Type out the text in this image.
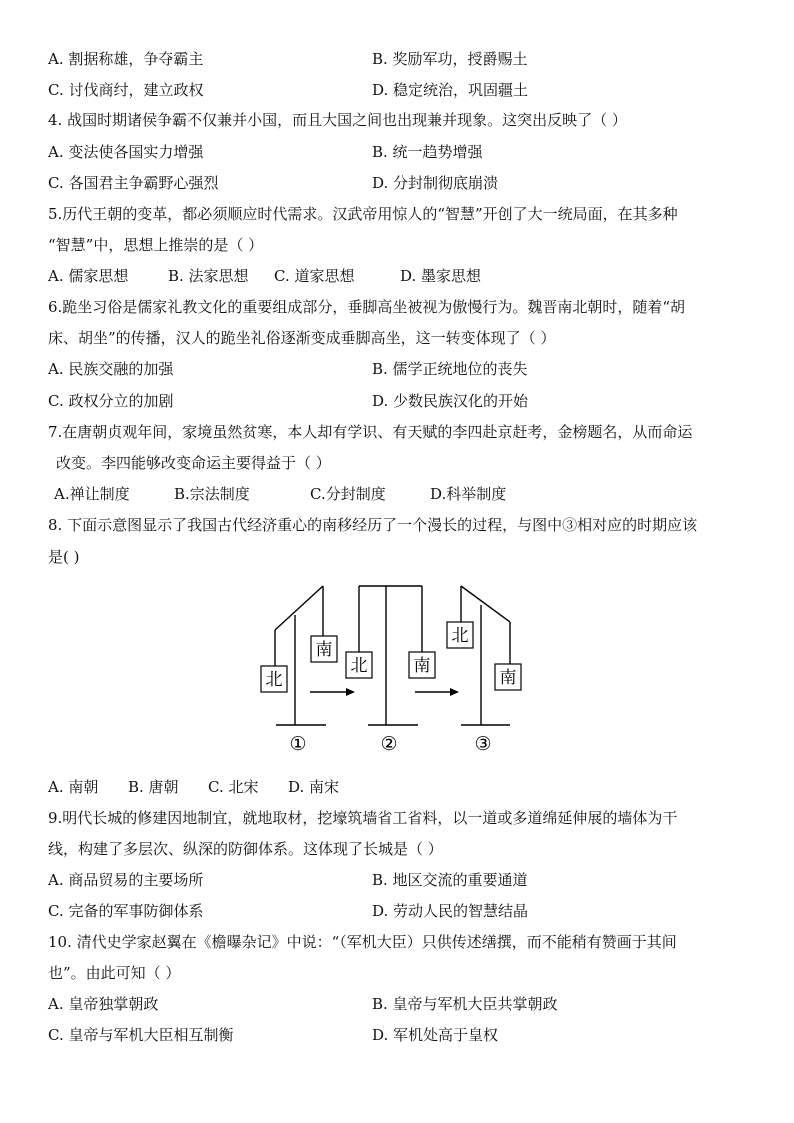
A. 割据称雄，争夺霸主	B. 奖励军功，授爵赐土
C. 讨伐商纣，建立政权	D. 稳定统治，巩固疆土
4. 战国时期诸侯争霸不仅兼并小国，而且大国之间也出现兼并现象。这突出反映了（ ）
A. 变法使各国实力增强	B. 统一趋势增强
C. 各国君主争霸野心强烈	D. 分封制彻底崩溃
5.历代王朝的变革，都必须顺应时代需求。汉武帝用惊人的“智慧”开创了大一统局面，在其多种
“智慧”中，思想上推崇的是（ ）
A. 儒家思想	B. 法家思想 C. 道家思想	D. 墨家思想
6.跪坐习俗是儒家礼教文化的重要组成部分，垂脚高坐被视为傲慢行为。魏晋南北朝时，随着“胡
床、胡坐”的传播，汉人的跪坐礼俗逐渐变成垂脚高坐，这一转变体现了（ ）
A. 民族交融的加强	B. 儒学正统地位的丧失
C. 政权分立的加剧	D. 少数民族汉化的开始
7.在唐朝贞观年间，家境虽然贫寒，本人却有学识、有天赋的李四赴京赶考，金榜题名，从而命运
改变。李四能够改变命运主要得益于（ ）
A.禅让制度	B.宗法制度	C.分封制度	D.科举制度
8. 下面示意图显示了我国古代经济重心的南移经历了一个漫长的过程，与图中③相对应的时期应该
是( )
北
南
北	南
北
南
①	②	③
A. 南朝 B. 唐朝 C. 北宋 D. 南宋
9.明代长城的修建因地制宜，就地取材，挖壕筑墙省工省料，以一道或多道绵延伸展的墙体为干
线，构建了多层次、纵深的防御体系。这体现了长城是（ ）
A. 商品贸易的主要场所	B. 地区交流的重要通道
C. 完备的军事防御体系	D. 劳动人民的智慧结晶
10. 清代史学家赵翼在《檐曝杂记》中说：“（军机大臣）只供传述缮撰，而不能稍有赞画于其间
也”。由此可知（ ）
A. 皇帝独掌朝政	B. 皇帝与军机大臣共掌朝政
C. 皇帝与军机大臣相互制衡	D. 军机处高于皇权
